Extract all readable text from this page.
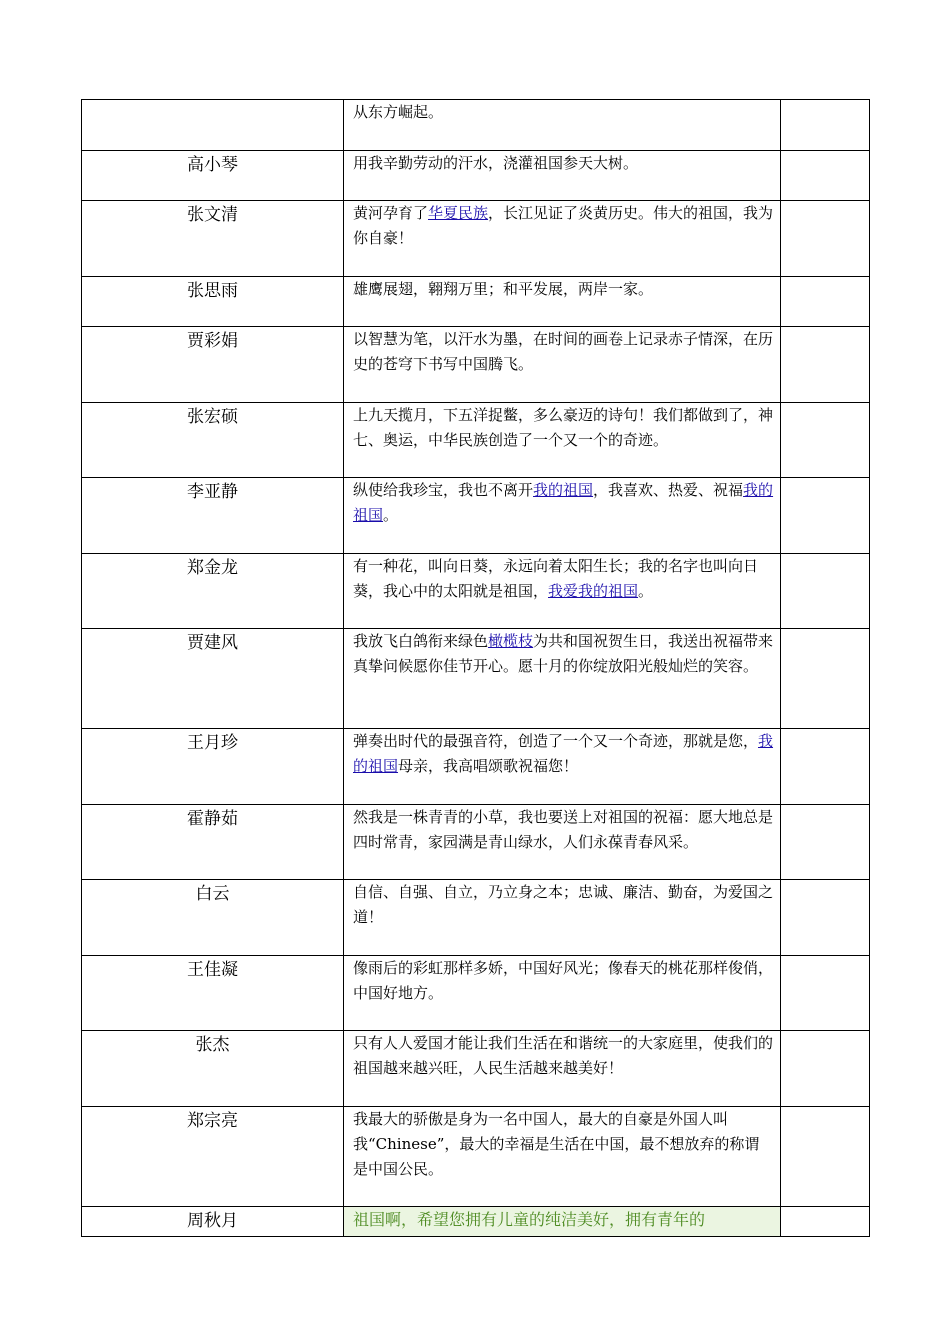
	从东方崛起。	

高小琴	用我辛勤劳动的汗水，浇灌祖国参天大树。	

张文清	黄河孕育了华夏民族，长江见证了炎黄历史。伟大的祖国，我为你自豪！	

张思雨	雄鹰展翅，翱翔万里；和平发展，两岸一家。	

贾彩娟	以智慧为笔，以汗水为墨，在时间的画卷上记录赤子情深，在历史的苍穹下书写中国腾飞。	

张宏硕	上九天揽月，下五洋捉鳖，多么豪迈的诗句！我们都做到了，神七、奥运，中华民族创造了一个又一个的奇迹。	

李亚静	纵使给我珍宝，我也不离开我的祖国，我喜欢、热爱、祝福我的祖国。	

郑金龙	有一种花，叫向日葵，永远向着太阳生长；我的名字也叫向日葵，我心中的太阳就是祖国，我爱我的祖国。	

贾建风	我放飞白鸽衔来绿色橄榄枝为共和国祝贺生日，我送出祝福带来真挚问候愿你佳节开心。愿十月的你绽放阳光般灿烂的笑容。	

王月珍	弹奏出时代的最强音符，创造了一个又一个奇迹，那就是您，我的祖国母亲，我高唱颂歌祝福您！	

霍静茹	然我是一株青青的小草，我也要送上对祖国的祝福：愿大地总是四时常青，家园满是青山绿水，人们永葆青春风采。	

白云	自信、自强、自立，乃立身之本；忠诚、廉洁、勤奋，为爱国之道！	

王佳凝	像雨后的彩虹那样多娇，中国好风光；像春天的桃花那样俊俏，中国好地方。	

张杰	只有人人爱国才能让我们生活在和谐统一的大家庭里，使我们的祖国越来越兴旺，人民生活越来越美好！	

郑宗亮	我最大的骄傲是身为一名中国人，最大的自豪是外国人叫我“Chinese”，最大的幸福是生活在中国，最不想放弃的称谓是中国公民。	

周秋月	祖国啊，希望您拥有儿童的纯洁美好，拥有青年的	
